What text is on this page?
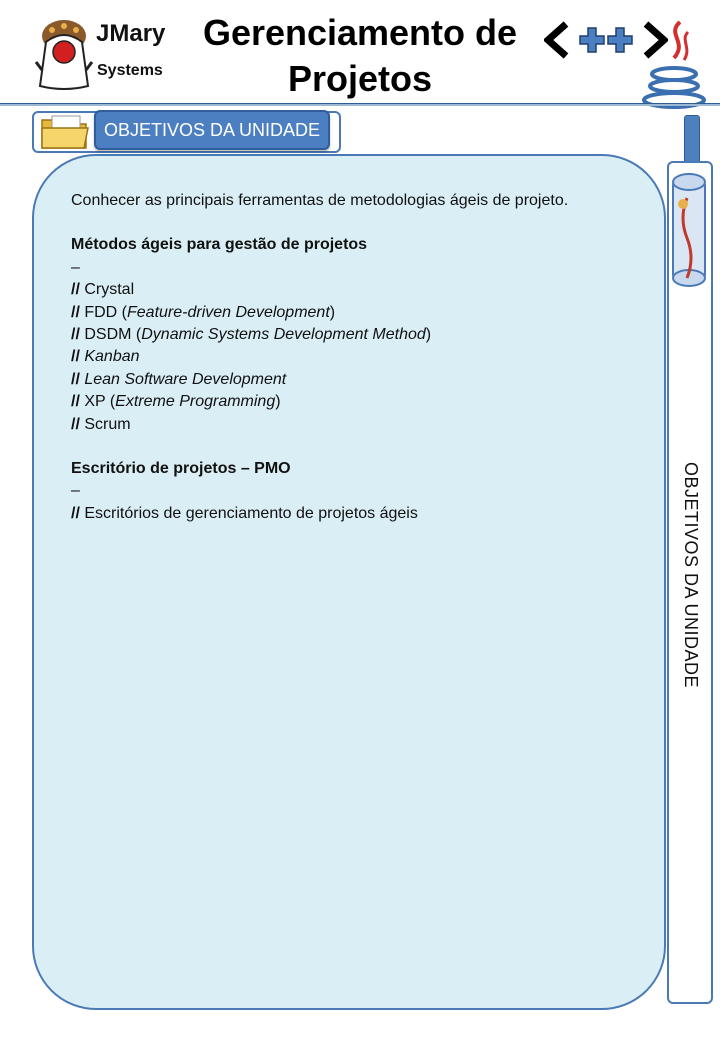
JMary
Systems
Gerenciamento de
Projetos
OBJETIVOS DA UNIDADE

Conhecer as principais ferramentas de metodologias ágeis de projeto.

Métodos ágeis para gestão de projetos

–

// Crystal

// FDD (Feature-driven Development)

// DSDM (Dynamic Systems Development Method)

// Kanban

// Lean Software Development

// XP (Extreme Programming)

// Scrum

Escritório de projetos – PMO

–

// Escritórios de gerenciamento de projetos ágeis	OBJETIVOS DA UNIDADE
